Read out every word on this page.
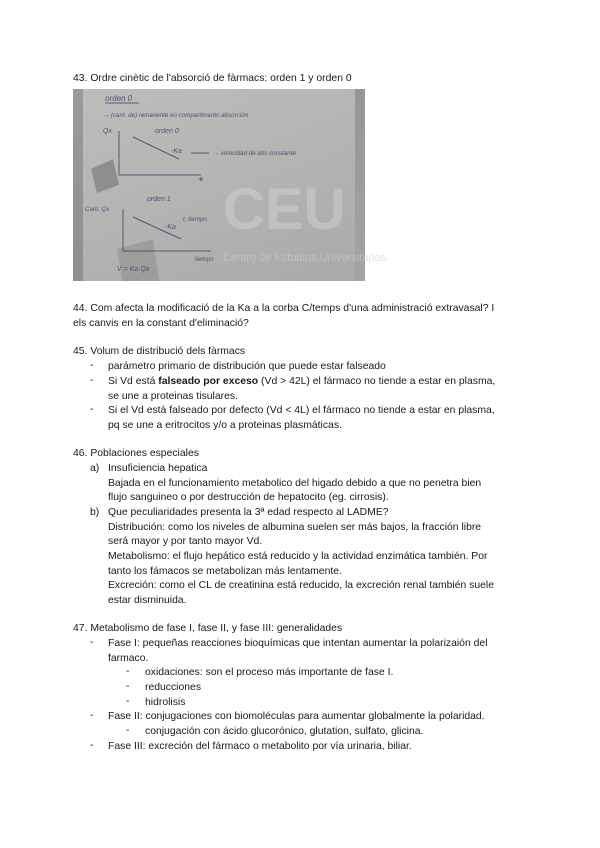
43. Ordre cinètic de l'absorció de fàrmacs: orden 1 y orden 0
CEU
Centro de Estudios Universitarios
orden 0
→ (cant. de) remanente en compartimento absorción
Qx	orden 0
-Ka	→ velocidad de abs constante
orden 1
Cant. Qx
-Ka
t, tiempo
tiempo
V = Ka·Qx
44. Com afecta la modificació de la Ka a la corba C/temps d'una administració extravasal? I
els canvis en la constant d'eliminació?
45. Volum de distribució dels fàrmacs
-	parámetro primario de distribución que puede estar falseado
-	Si Vd está falseado por exceso (Vd > 42L) el fármaco no tiende a estar en plasma,
se une a proteinas tisulares.
-	Si el Vd está falseado por defecto (Vd < 4L) el fármaco no tiende a estar en plasma,
pq se une a eritrocitos y/o a proteinas plasmáticas.
46. Poblaciones especiales
a) Insuficiencia hepatica
Bajada en el funcionamiento metabolico del higado debido a que no penetra bien
flujo sanguineo o por destrucción de hepatocito (eg. cirrosis).
b) Que peculiaridades presenta la 3ª edad respecto al LADME?
Distribución: como los niveles de albumina suelen ser más bajos, la fracción libre
será mayor y por tanto mayor Vd.
Metabolismo: el flujo hepático está reducido y la actividad enzimática también. Por
tanto los fámacos se metabolizan más lentamente.
Excreción: como el CL de creatinina está reducido, la excreción renal también suele
estar disminuida.
47. Metabolismo de fase I, fase II, y fase III: generalidades
-	Fase I: pequeñas reacciones bioquímicas que intentan aumentar la polarizaión del
farmaco.
-	oxidaciones: son el proceso más importante de fase I.
-	reducciones
-	hidrolisis
-	Fase II: conjugaciones con biomoléculas para aumentar globalmente la polaridad.
-	conjugación con ácido glucorónico, glutation, sulfato, glicina.
-	Fase III: excreción del fármaco o metabolito por vía urinaria, biliar.
